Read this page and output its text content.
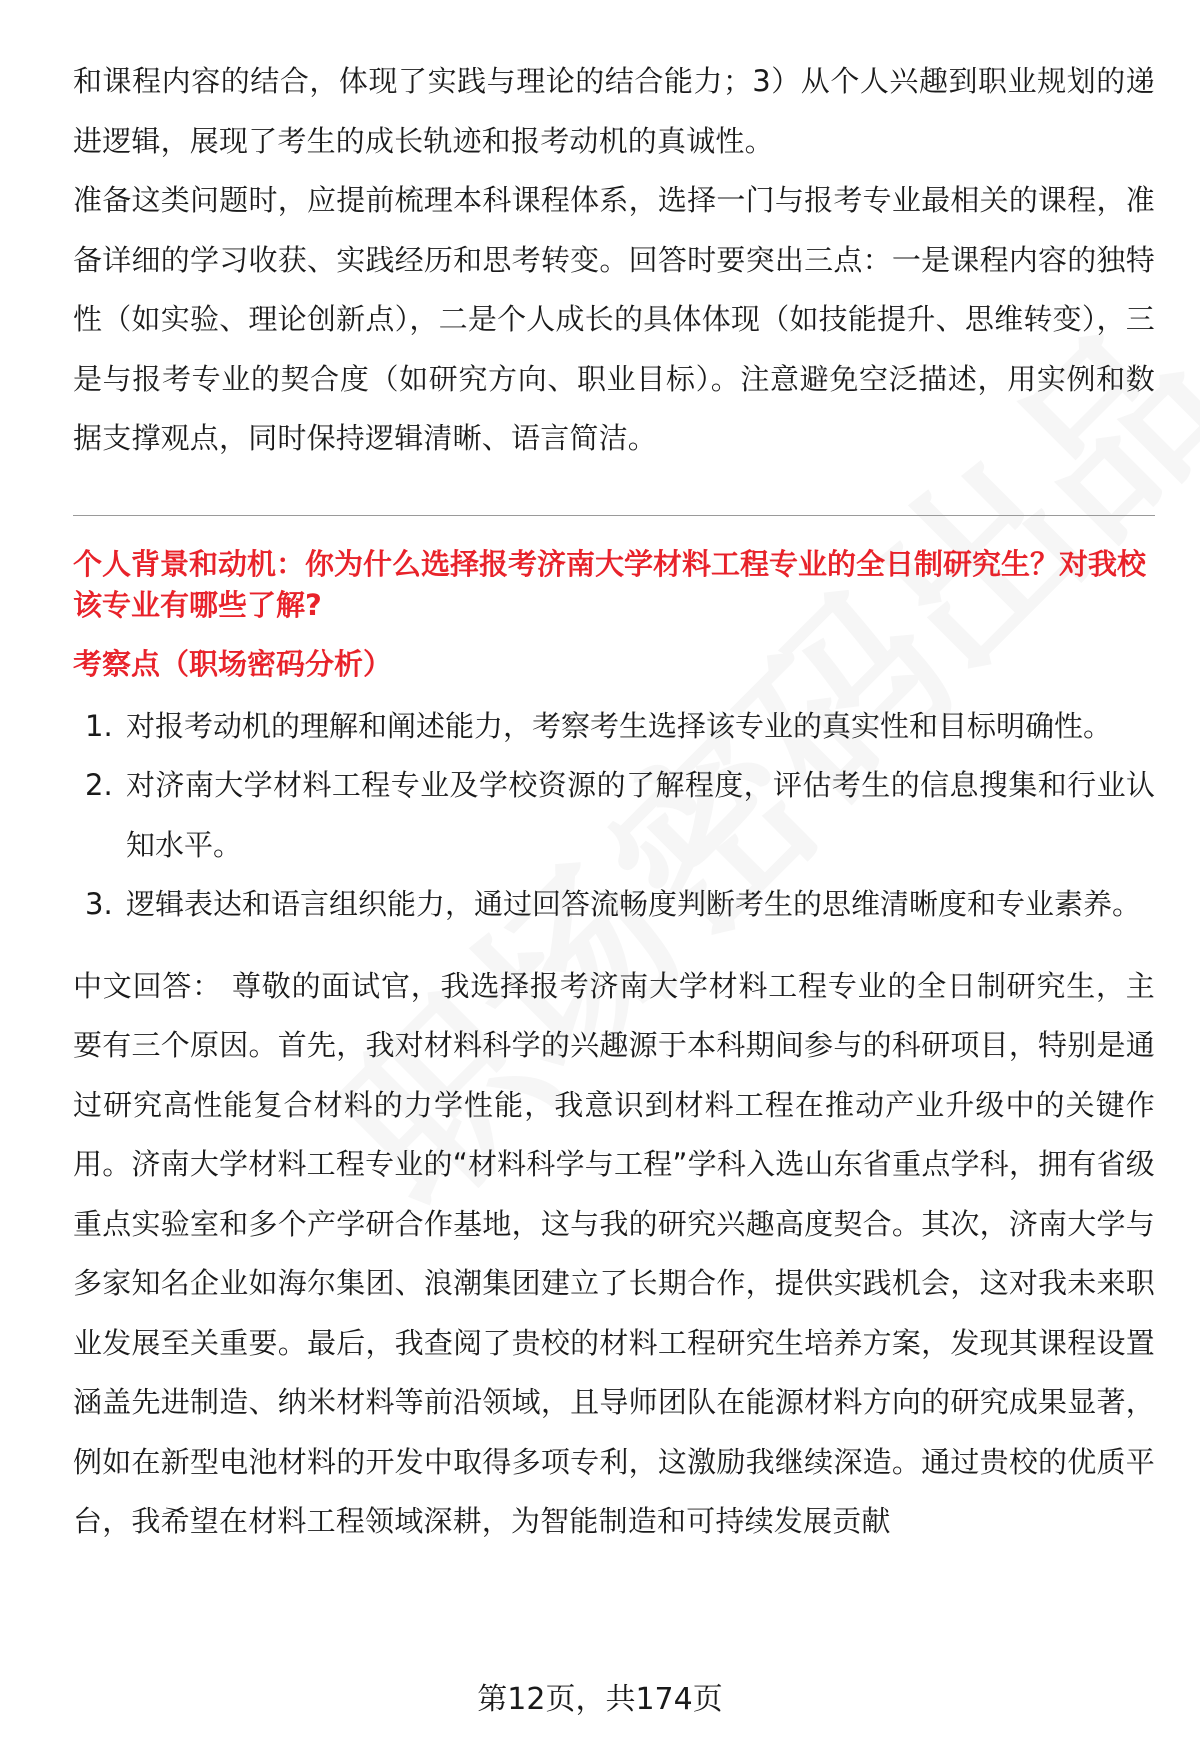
和课程内容的结合，体现了实践与理论的结合能力；3）从个人兴趣到职业规划的递进逻辑，展现了考生的成长轨迹和报考动机的真诚性。

准备这类问题时，应提前梳理本科课程体系，选择一门与报考专业最相关的课程，准备详细的学习收获、实践经历和思考转变。回答时要突出三点：一是课程内容的独特性（如实验、理论创新点），二是个人成长的具体体现（如技能提升、思维转变），三是与报考专业的契合度（如研究方向、职业目标）。注意避免空泛描述，用实例和数据支撑观点，同时保持逻辑清晰、语言简洁。

个人背景和动机：你为什么选择报考济南大学材料工程专业的全日制研究生？对我校该专业有哪些了解?

考察点（职场密码分析）

1. 对报考动机的理解和阐述能力，考察考生选择该专业的真实性和目标明确性。
2. 对济南大学材料工程专业及学校资源的了解程度，评估考生的信息搜集和行业认知水平。
3. 逻辑表达和语言组织能力，通过回答流畅度判断考生的思维清晰度和专业素养。

中文回答： 尊敬的面试官，我选择报考济南大学材料工程专业的全日制研究生，主要有三个原因。首先，我对材料科学的兴趣源于本科期间参与的科研项目，特别是通过研究高性能复合材料的力学性能，我意识到材料工程在推动产业升级中的关键作用。济南大学材料工程专业的“材料科学与工程”学科入选山东省重点学科，拥有省级重点实验室和多个产学研合作基地，这与我的研究兴趣高度契合。其次，济南大学与多家知名企业如海尔集团、浪潮集团建立了长期合作，提供实践机会，这对我未来职业发展至关重要。最后，我查阅了贵校的材料工程研究生培养方案，发现其课程设置涵盖先进制造、纳米材料等前沿领域，且导师团队在能源材料方向的研究成果显著，例如在新型电池材料的开发中取得多项专利，这激励我继续深造。通过贵校的优质平台，我希望在材料工程领域深耕，为智能制造和可持续发展贡献

第12页，共174页
